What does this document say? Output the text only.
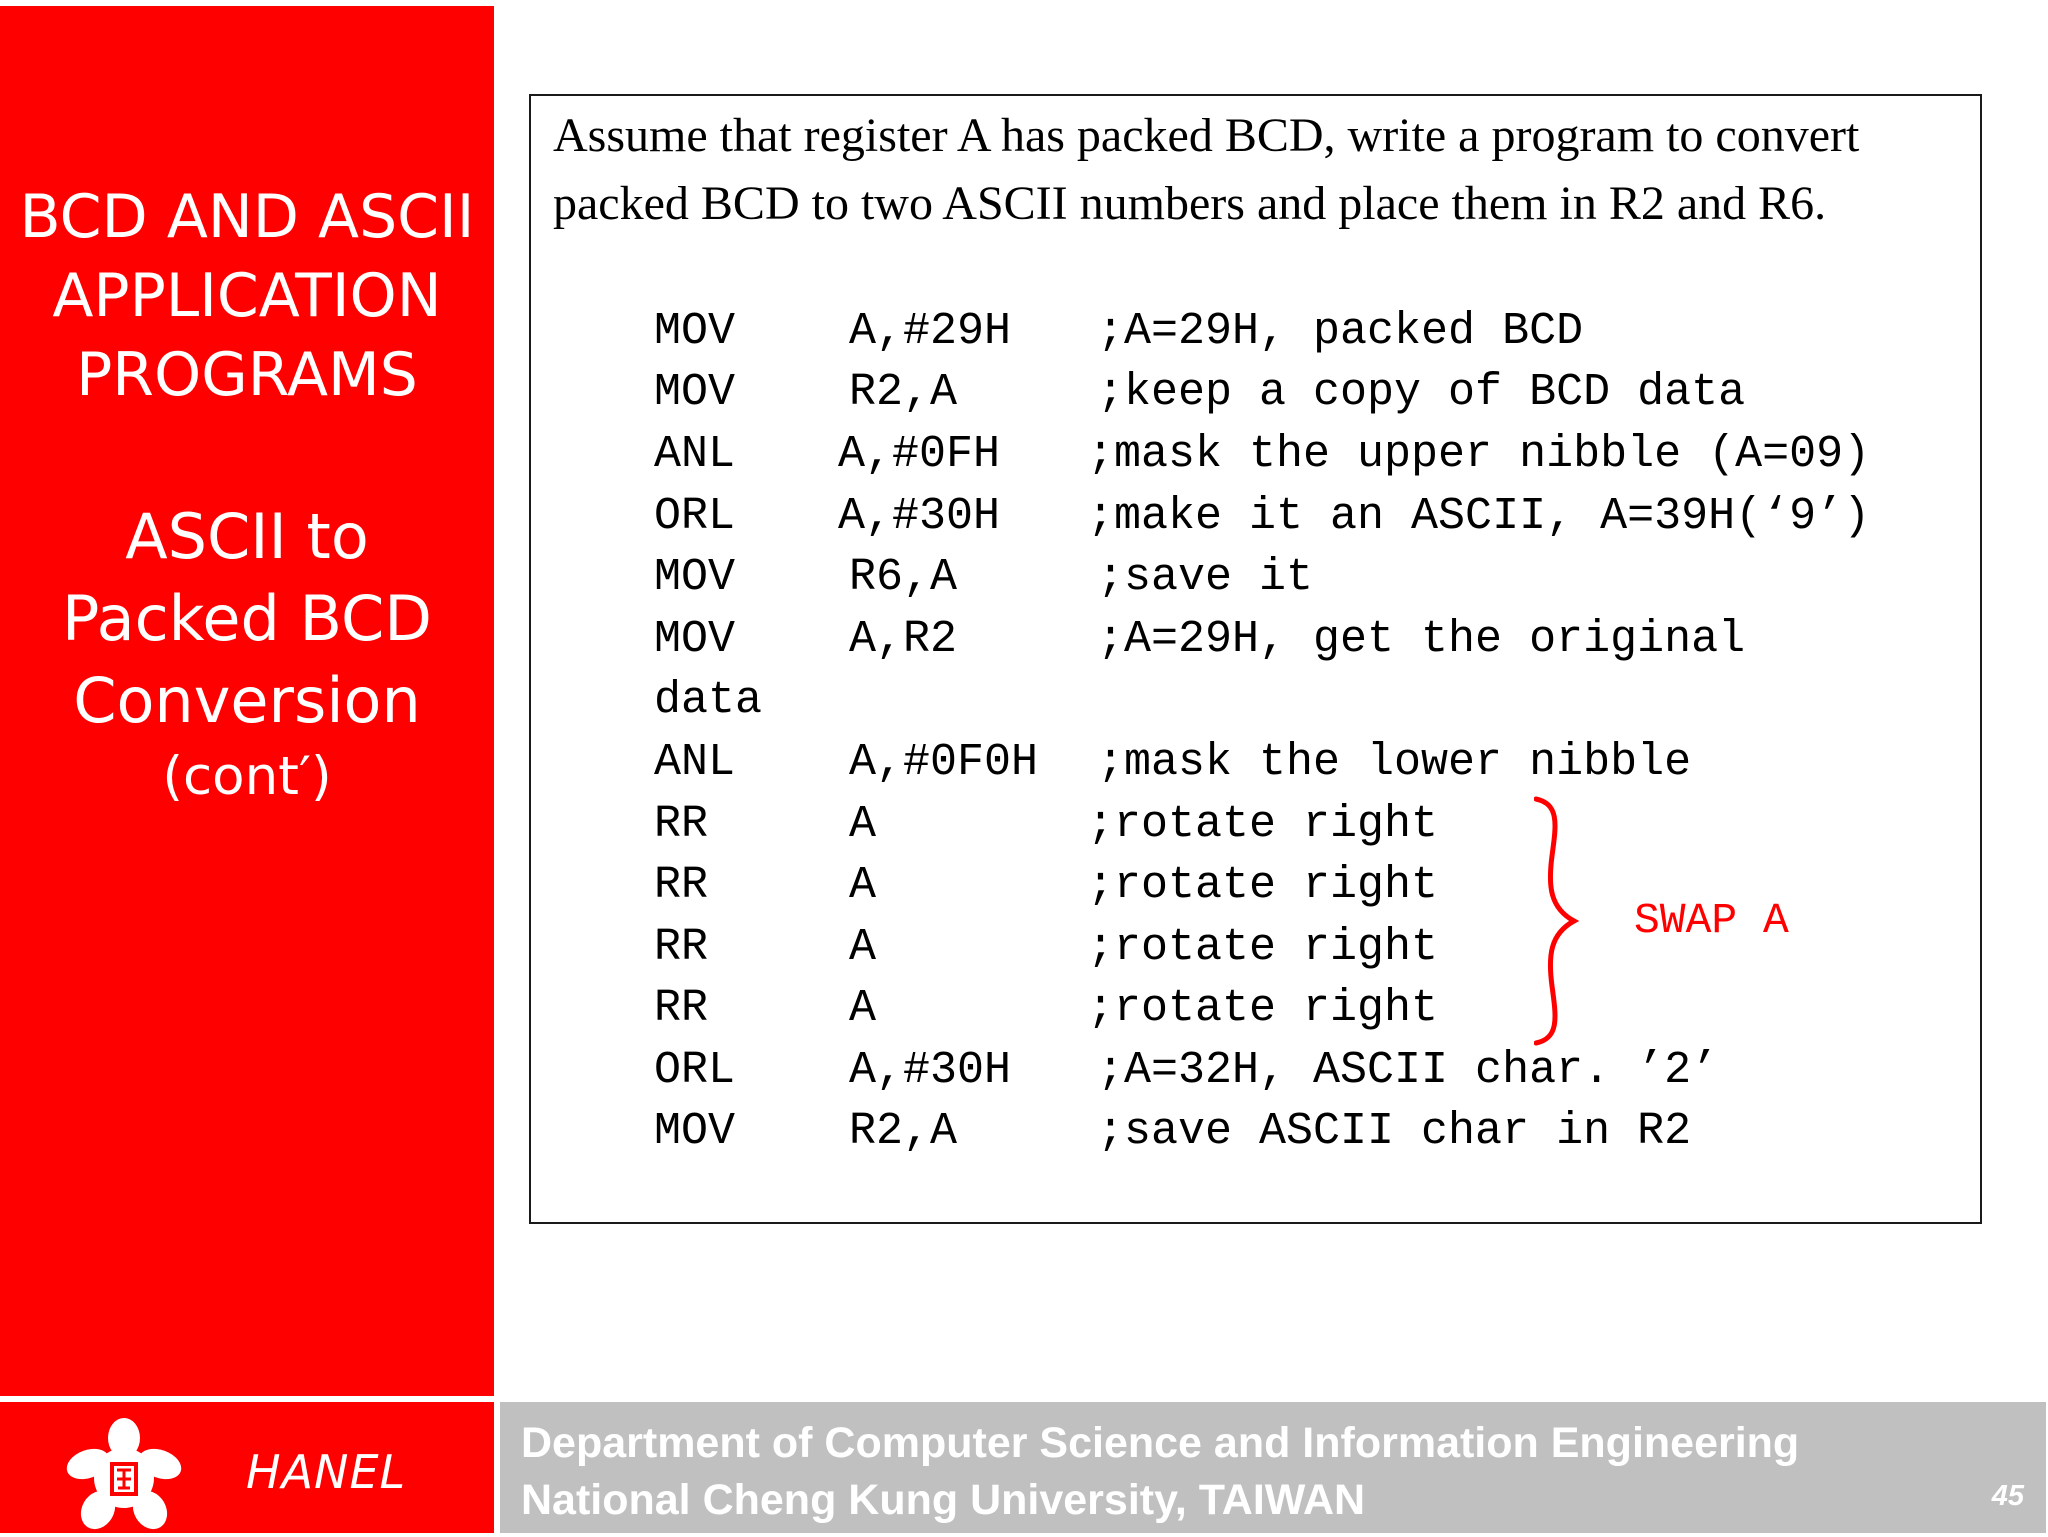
BCD AND ASCII
APPLICATION
PROGRAMS
ASCII to
Packed BCD
Conversion
(cont′)
Assume that register A has packed BCD, write a program to convert
packed BCD to two ASCII numbers and place them in R2 and R6.
MOV	A,#29H ;A=29H, packed BCD
MOV	R2,A	;keep a copy of BCD data
ANL A,#0FH ;mask the upper nibble (A=09)
ORL A,#30H ;make it an ASCII, A=39H(‘9’)
MOV	R6,A	;save it
MOV	A,R2	;A=29H, get the original
data
ANL	A,#0F0H ;mask the lower nibble
RR	A	;rotate right
RR	A	;rotate right
RR	A	;rotate right
RR	A	;rotate right
ORL	A,#30H ;A=32H, ASCII char. ’2’
MOV	R2,A	;save ASCII char in R2
SWAP A
HANEL
Department of Computer Science and Information Engineering
National Cheng Kung University, TAIWAN	45
